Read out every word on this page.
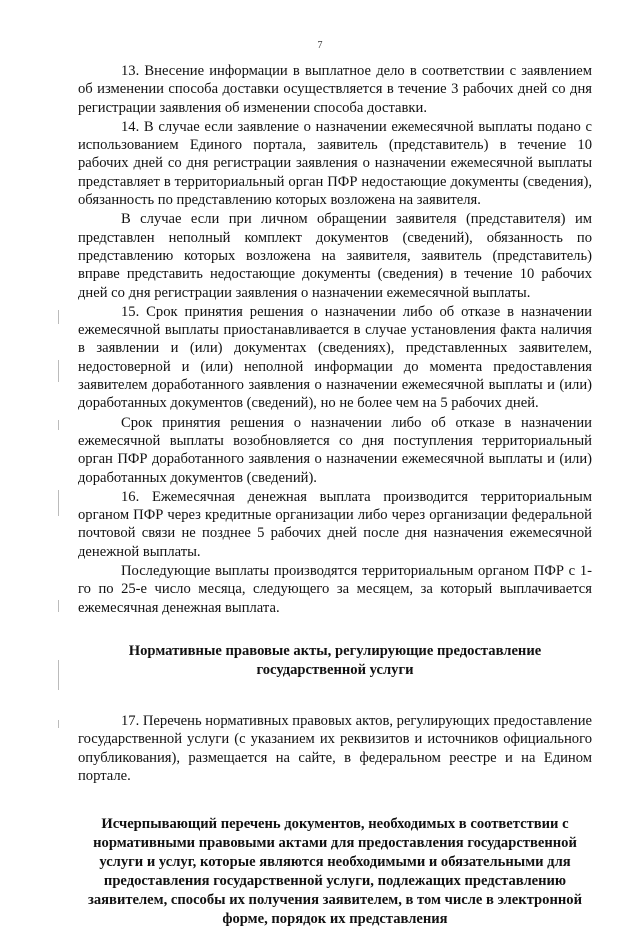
7

13. Внесение информации в выплатное дело в соответствии с заявлением об изменении способа доставки осуществляется в течение 3 рабочих дней со дня регистрации заявления об изменении способа доставки.

14. В случае если заявление о назначении ежемесячной выплаты подано с использованием Единого портала, заявитель (представитель) в течение 10 рабочих дней со дня регистрации заявления о назначении ежемесячной выплаты представляет в территориальный орган ПФР недостающие документы (сведения), обязанность по представлению которых возложена на заявителя.

В случае если при личном обращении заявителя (представителя) им представлен неполный комплект документов (сведений), обязанность по представлению которых возложена на заявителя, заявитель (представитель) вправе представить недостающие документы (сведения) в течение 10 рабочих дней со дня регистрации заявления о назначении ежемесячной выплаты.

15. Срок принятия решения о назначении либо об отказе в назначении ежемесячной выплаты приостанавливается в случае установления факта наличия в заявлении и (или) документах (сведениях), представленных заявителем, недостоверной и (или) неполной информации до момента предоставления заявителем доработанного заявления о назначении ежемесячной выплаты и (или) доработанных документов (сведений), но не более чем на 5 рабочих дней.

Срок принятия решения о назначении либо об отказе в назначении ежемесячной выплаты возобновляется со дня поступления территориальный орган ПФР доработанного заявления о назначении ежемесячной выплаты и (или) доработанных документов (сведений).

16. Ежемесячная денежная выплата производится территориальным органом ПФР через кредитные организации либо через организации федеральной почтовой связи не позднее 5 рабочих дней после дня назначения ежемесячной денежной выплаты.

Последующие выплаты производятся территориальным органом ПФР с 1-го по 25-е число месяца, следующего за месяцем, за который выплачивается ежемесячная денежная выплата.

Нормативные правовые акты, регулирующие предоставление государственной услуги

17. Перечень нормативных правовых актов, регулирующих предоставление государственной услуги (с указанием их реквизитов и источников официального опубликования), размещается на сайте, в федеральном реестре и на Едином портале.

Исчерпывающий перечень документов, необходимых в соответствии с нормативными правовыми актами для предоставления государственной услуги и услуг, которые являются необходимыми и обязательными для предоставления государственной услуги, подлежащих представлению заявителем, способы их получения заявителем, в том числе в электронной форме, порядок их представления
